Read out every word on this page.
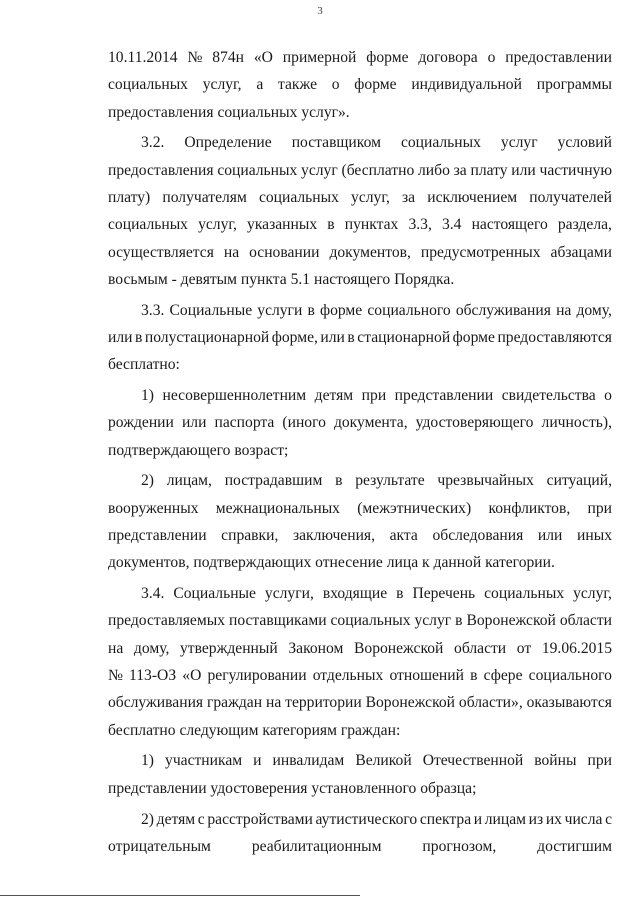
3
10.11.2014 № 874н «О примерной форме договора о предоставлении
социальных услуг, а также о форме индивидуальной программы
предоставления социальных услуг».
3.2. Определение поставщиком социальных услуг условий
предоставления социальных услуг (бесплатно либо за плату или частичную
плату) получателям социальных услуг, за исключением получателей
социальных услуг, указанных в пунктах 3.3, 3.4 настоящего раздела,
осуществляется на основании документов, предусмотренных абзацами
восьмым - девятым пункта 5.1 настоящего Порядка.
3.3. Социальные услуги в форме социального обслуживания на дому,
или в полустационарной форме, или в стационарной форме предоставляются
бесплатно:
1) несовершеннолетним детям при представлении свидетельства о
рождении или паспорта (иного документа, удостоверяющего личность),
подтверждающего возраст;
2) лицам, пострадавшим в результате чрезвычайных ситуаций,
вооруженных межнациональных (межэтнических) конфликтов, при
представлении справки, заключения, акта обследования или иных
документов, подтверждающих отнесение лица к данной категории.
3.4. Социальные услуги, входящие в Перечень социальных услуг,
предоставляемых поставщиками социальных услуг в Воронежской области
на дому, утвержденный Законом Воронежской области от 19.06.2015
№ 113-ОЗ «О регулировании отдельных отношений в сфере социального
обслуживания граждан на территории Воронежской области», оказываются
бесплатно следующим категориям граждан:
1) участникам и инвалидам Великой Отечественной войны при
представлении удостоверения установленного образца;
2) детям с расстройствами аутистического спектра и лицам из их числа с
отрицательным	реабилитационным	прогнозом,	достигшим
